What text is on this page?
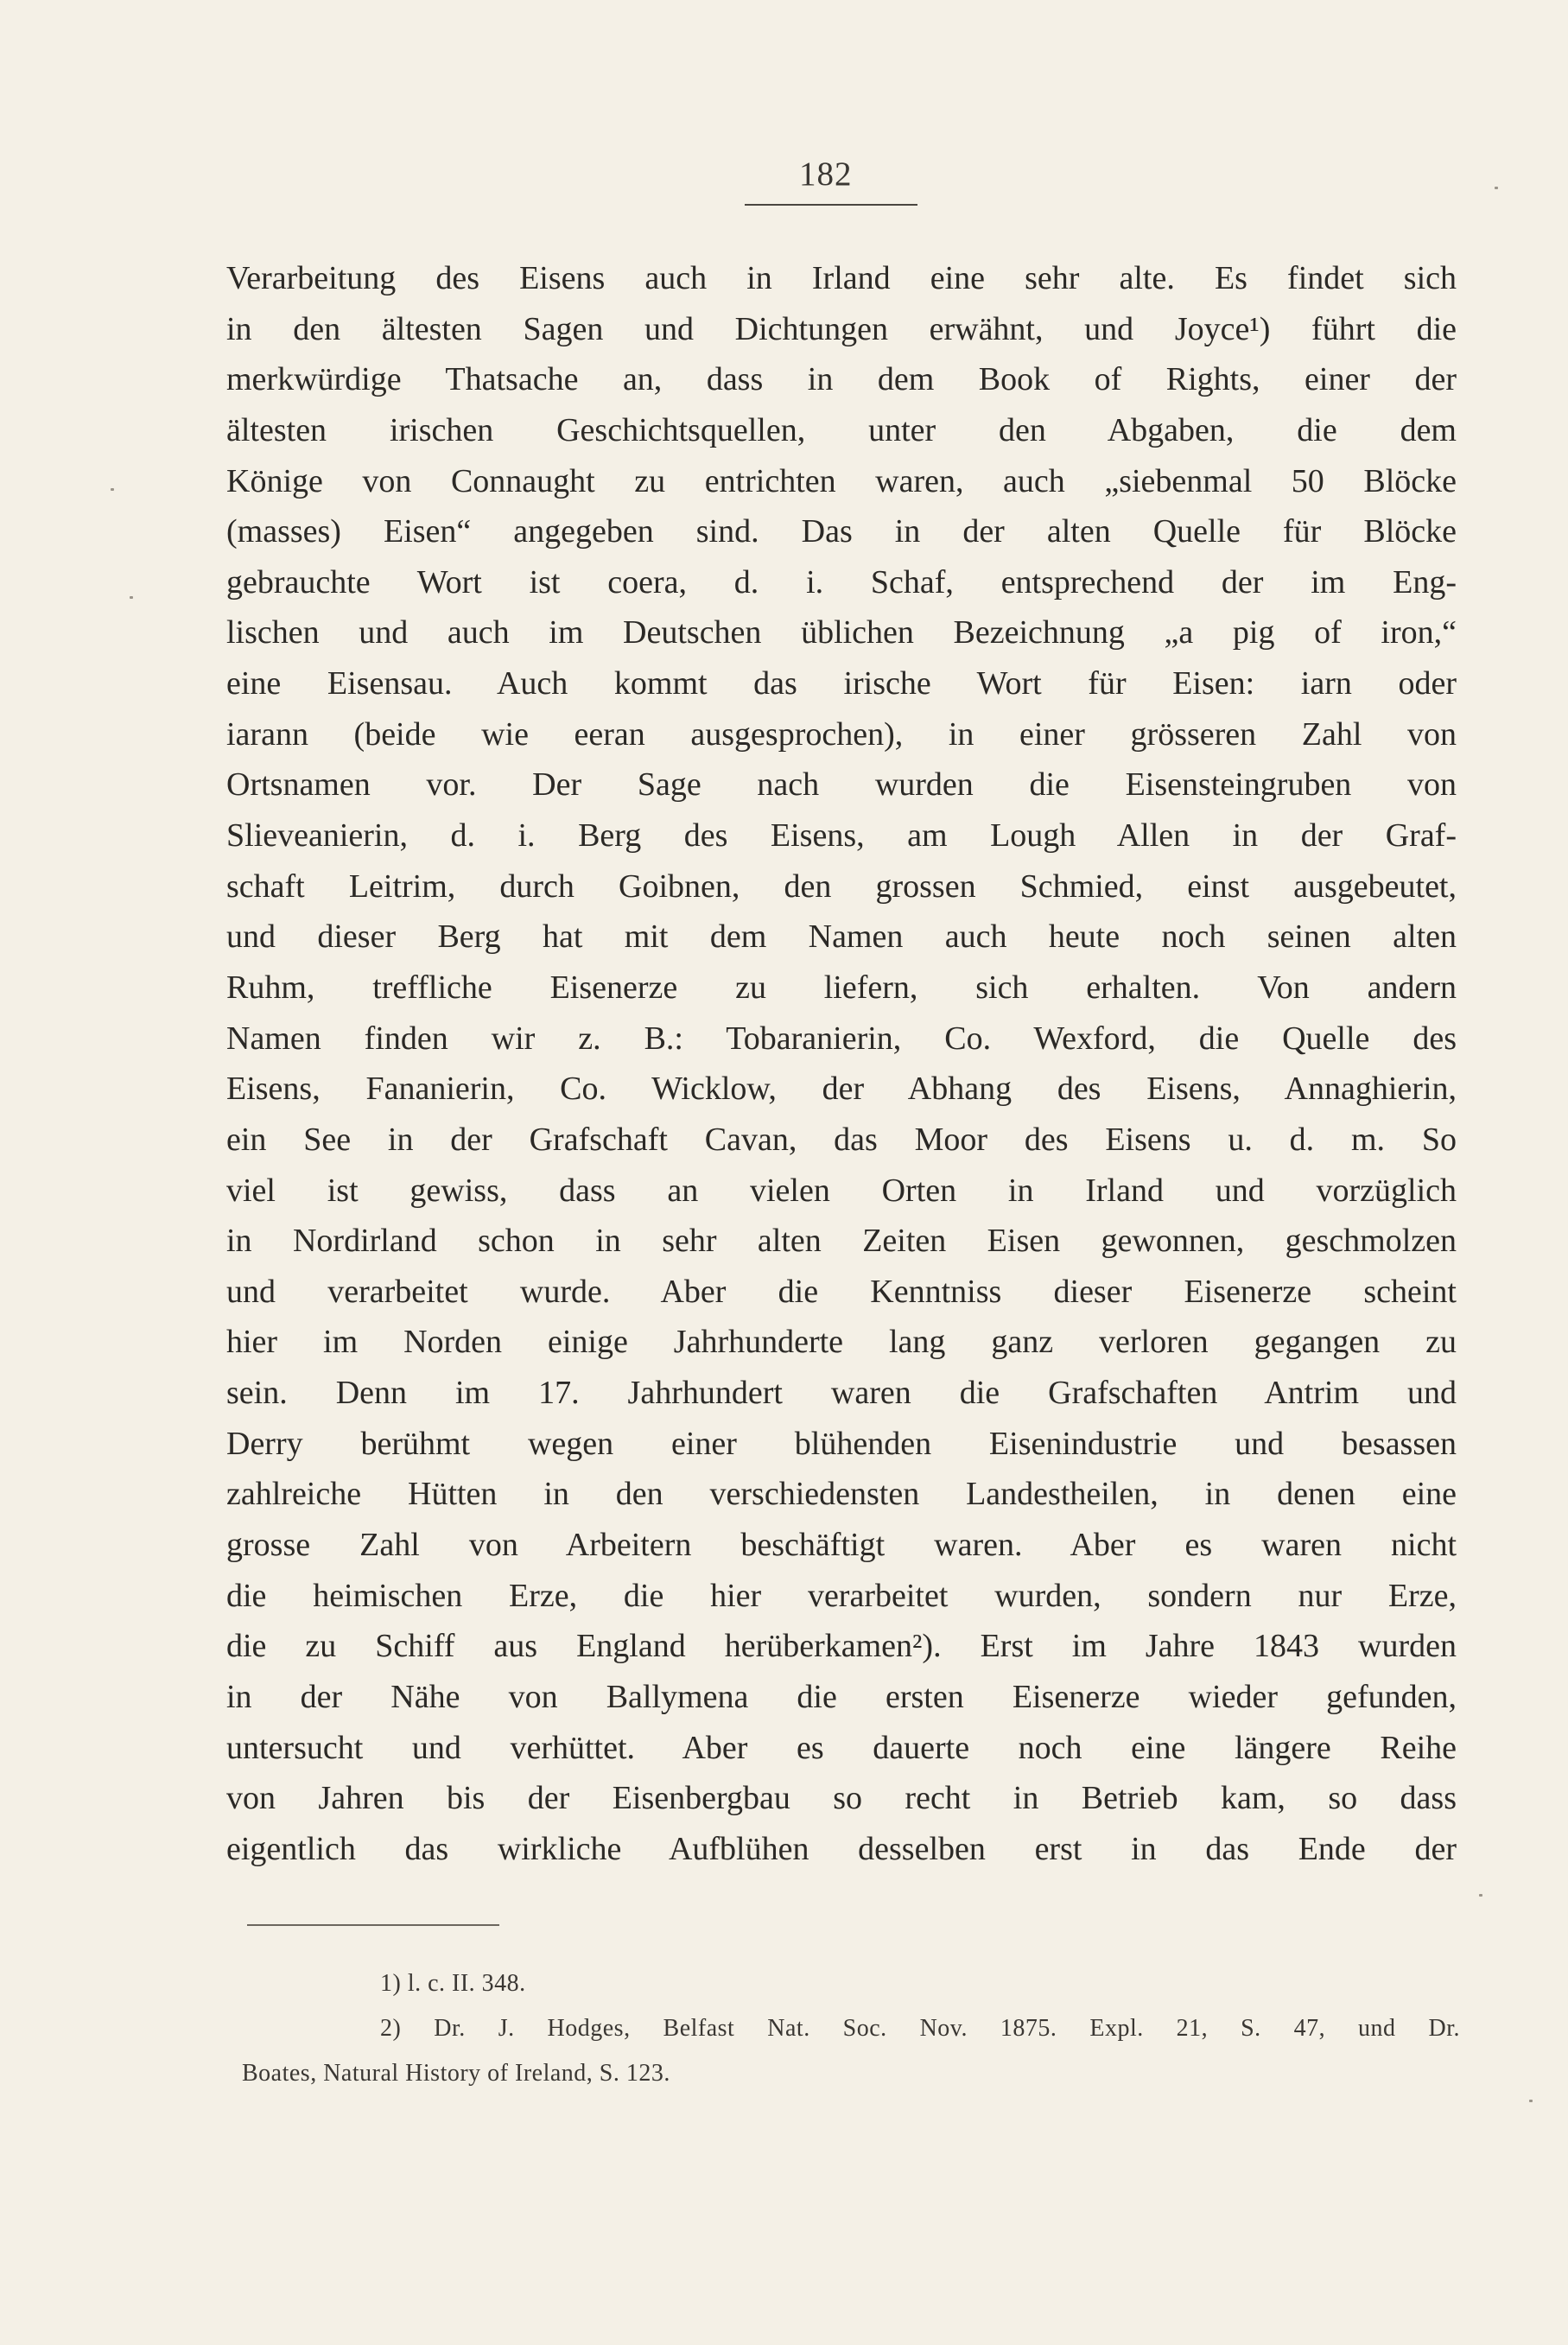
182
Verarbeitung des Eisens auch in Irland eine sehr alte. Es findet sich
in den ältesten Sagen und Dichtungen erwähnt, und Joyce¹) führt die
merkwürdige Thatsache an, dass in dem Book of Rights, einer der
ältesten irischen Geschichtsquellen, unter den Abgaben, die dem
Könige von Connaught zu entrichten waren, auch „siebenmal 50 Blöcke
(masses) Eisen“ angegeben sind. Das in der alten Quelle für Blöcke
gebrauchte Wort ist coera, d. i. Schaf, entsprechend der im Eng-
lischen und auch im Deutschen üblichen Bezeichnung „a pig of iron,“
eine Eisensau. Auch kommt das irische Wort für Eisen: iarn oder
iarann (beide wie eeran ausgesprochen), in einer grösseren Zahl von
Ortsnamen vor. Der Sage nach wurden die Eisensteingruben von
Slieveanierin, d. i. Berg des Eisens, am Lough Allen in der Graf-
schaft Leitrim, durch Goibnen, den grossen Schmied, einst ausgebeutet,
und dieser Berg hat mit dem Namen auch heute noch seinen alten
Ruhm, treffliche Eisenerze zu liefern, sich erhalten. Von andern
Namen finden wir z. B.: Tobaranierin, Co. Wexford, die Quelle des
Eisens, Fananierin, Co. Wicklow, der Abhang des Eisens, Annaghierin,
ein See in der Grafschaft Cavan, das Moor des Eisens u. d. m. So
viel ist gewiss, dass an vielen Orten in Irland und vorzüglich
in Nordirland schon in sehr alten Zeiten Eisen gewonnen, geschmolzen
und verarbeitet wurde. Aber die Kenntniss dieser Eisenerze scheint
hier im Norden einige Jahrhunderte lang ganz verloren gegangen zu
sein. Denn im 17. Jahrhundert waren die Grafschaften Antrim und
Derry berühmt wegen einer blühenden Eisenindustrie und besassen
zahlreiche Hütten in den verschiedensten Landestheilen, in denen eine
grosse Zahl von Arbeitern beschäftigt waren. Aber es waren nicht
die heimischen Erze, die hier verarbeitet wurden, sondern nur Erze,
die zu Schiff aus England herüberkamen²). Erst im Jahre 1843 wurden
in der Nähe von Ballymena die ersten Eisenerze wieder gefunden,
untersucht und verhüttet. Aber es dauerte noch eine längere Reihe
von Jahren bis der Eisenbergbau so recht in Betrieb kam, so dass
eigentlich das wirkliche Aufblühen desselben erst in das Ende der
1) l. c. II. 348.
2) Dr. J. Hodges, Belfast Nat. Soc. Nov. 1875. Expl. 21, S. 47, und Dr.
Boates, Natural History of Ireland, S. 123.
